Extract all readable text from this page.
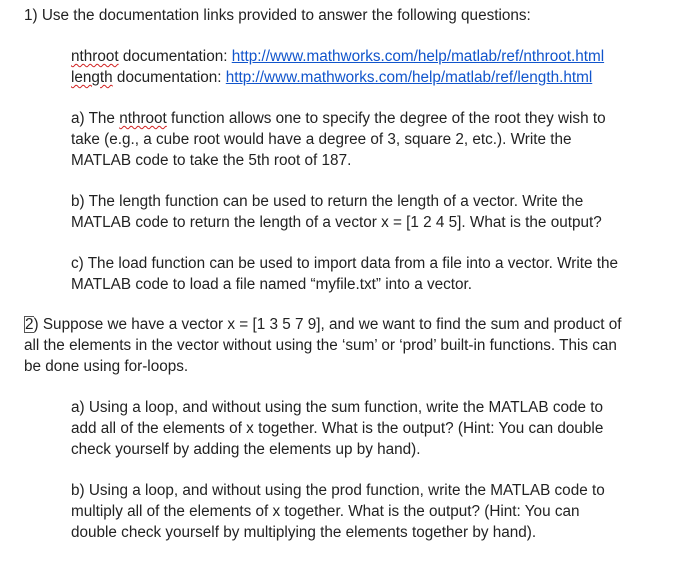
1) Use the documentation links provided to answer the following questions:
nthroot documentation: http://www.mathworks.com/help/matlab/ref/nthroot.html
length documentation: http://www.mathworks.com/help/matlab/ref/length.html
a) The nthroot function allows one to specify the degree of the root they wish to
take (e.g., a cube root would have a degree of 3, square 2, etc.). Write the
MATLAB code to take the 5th root of 187.
b) The length function can be used to return the length of a vector. Write the
MATLAB code to return the length of a vector x = [1 2 4 5]. What is the output?
c) The load function can be used to import data from a file into a vector. Write the
MATLAB code to load a file named “myfile.txt” into a vector.
2) Suppose we have a vector x = [1 3 5 7 9], and we want to find the sum and product of
all the elements in the vector without using the ‘sum’ or ‘prod’ built-in functions. This can
be done using for-loops.
a) Using a loop, and without using the sum function, write the MATLAB code to
add all of the elements of x together. What is the output? (Hint: You can double
check yourself by adding the elements up by hand).
b) Using a loop, and without using the prod function, write the MATLAB code to
multiply all of the elements of x together. What is the output? (Hint: You can
double check yourself by multiplying the elements together by hand).
